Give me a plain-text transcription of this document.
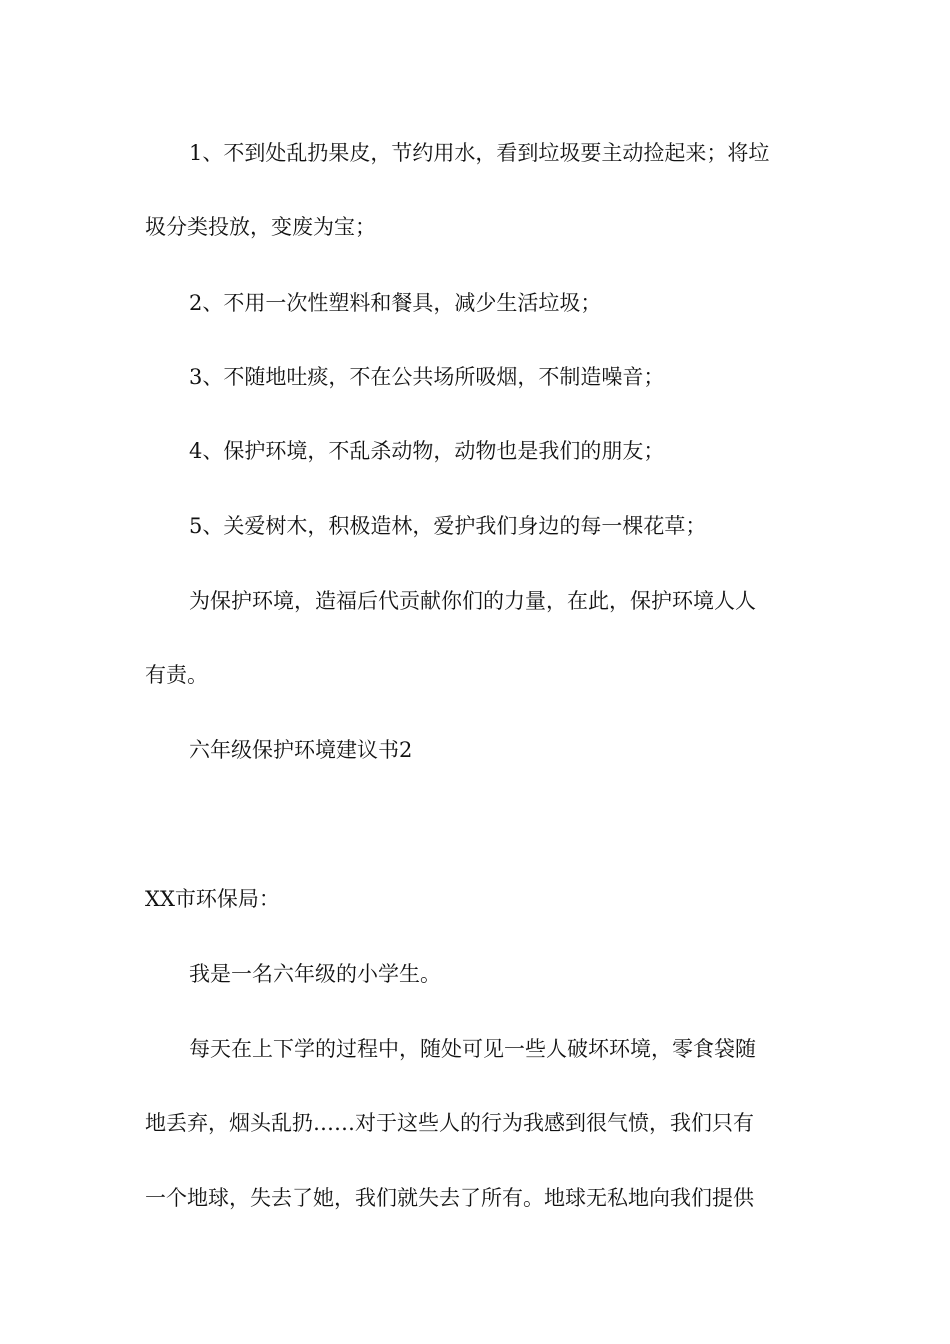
1、不到处乱扔果皮，节约用水，看到垃圾要主动捡起来；将垃

圾分类投放，变废为宝；

2、不用一次性塑料和餐具，减少生活垃圾；

3、不随地吐痰，不在公共场所吸烟，不制造噪音；

4、保护环境，不乱杀动物，动物也是我们的朋友；

5、关爱树木，积极造林，爱护我们身边的每一棵花草；

为保护环境，造福后代贡献你们的力量，在此，保护环境人人

有责。

六年级保护环境建议书2

XX市环保局：

我是一名六年级的小学生。

每天在上下学的过程中，随处可见一些人破坏环境，零食袋随

地丢弃，烟头乱扔……对于这些人的行为我感到很气愤，我们只有

一个地球，失去了她，我们就失去了所有。地球无私地向我们提供
